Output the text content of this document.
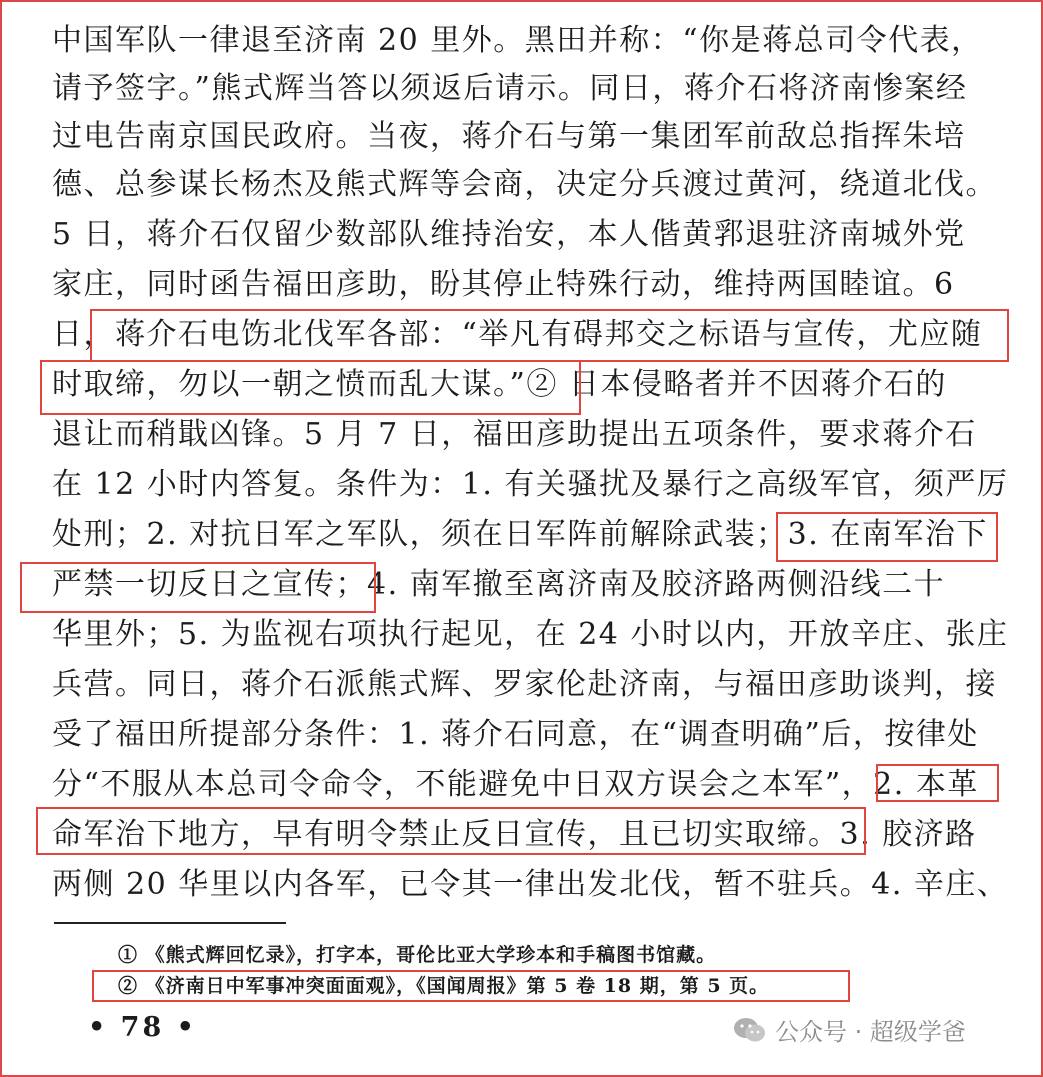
中国军队一律退至济南 20 里外。黑田并称：“你是蒋总司令代表，
请予签字。”熊式辉当答以须返后请示。同日，蒋介石将济南惨案经
过电告南京国民政府。当夜，蒋介石与第一集团军前敌总指挥朱培
德、总参谋长杨杰及熊式辉等会商，决定分兵渡过黄河，绕道北伐。
5 日，蒋介石仅留少数部队维持治安，本人偕黄郛退驻济南城外党
家庄，同时函告福田彦助，盼其停止特殊行动，维持两国睦谊。6
日，蒋介石电饬北伐军各部：“举凡有碍邦交之标语与宣传，尤应随
时取缔，勿以一朝之愤而乱大谋。”② 日本侵略者并不因蒋介石的
退让而稍戢凶锋。5 月 7 日，福田彦助提出五项条件，要求蒋介石
在 12 小时内答复。条件为：1. 有关骚扰及暴行之高级军官，须严厉
处刑；2. 对抗日军之军队，须在日军阵前解除武装；3. 在南军治下
严禁一切反日之宣传；4. 南军撤至离济南及胶济路两侧沿线二十
华里外；5. 为监视右项执行起见，在 24 小时以内，开放辛庄、张庄
兵营。同日，蒋介石派熊式辉、罗家伦赴济南，与福田彦助谈判，接
受了福田所提部分条件：1. 蒋介石同意，在“调查明确”后，按律处
分“不服从本总司令命令，不能避免中日双方误会之本军”，2. 本革
命军治下地方，早有明令禁止反日宣传，且已切实取缔。3. 胶济路
两侧 20 华里以内各军，已令其一律出发北伐，暂不驻兵。4. 辛庄、
① 《熊式辉回忆录》，打字本，哥伦比亚大学珍本和手稿图书馆藏。
② 《济南日中军事冲突面面观》，《国闻周报》第 5 卷 18 期，第 5 页。
• 78 •	公众号 · 超级学爸
